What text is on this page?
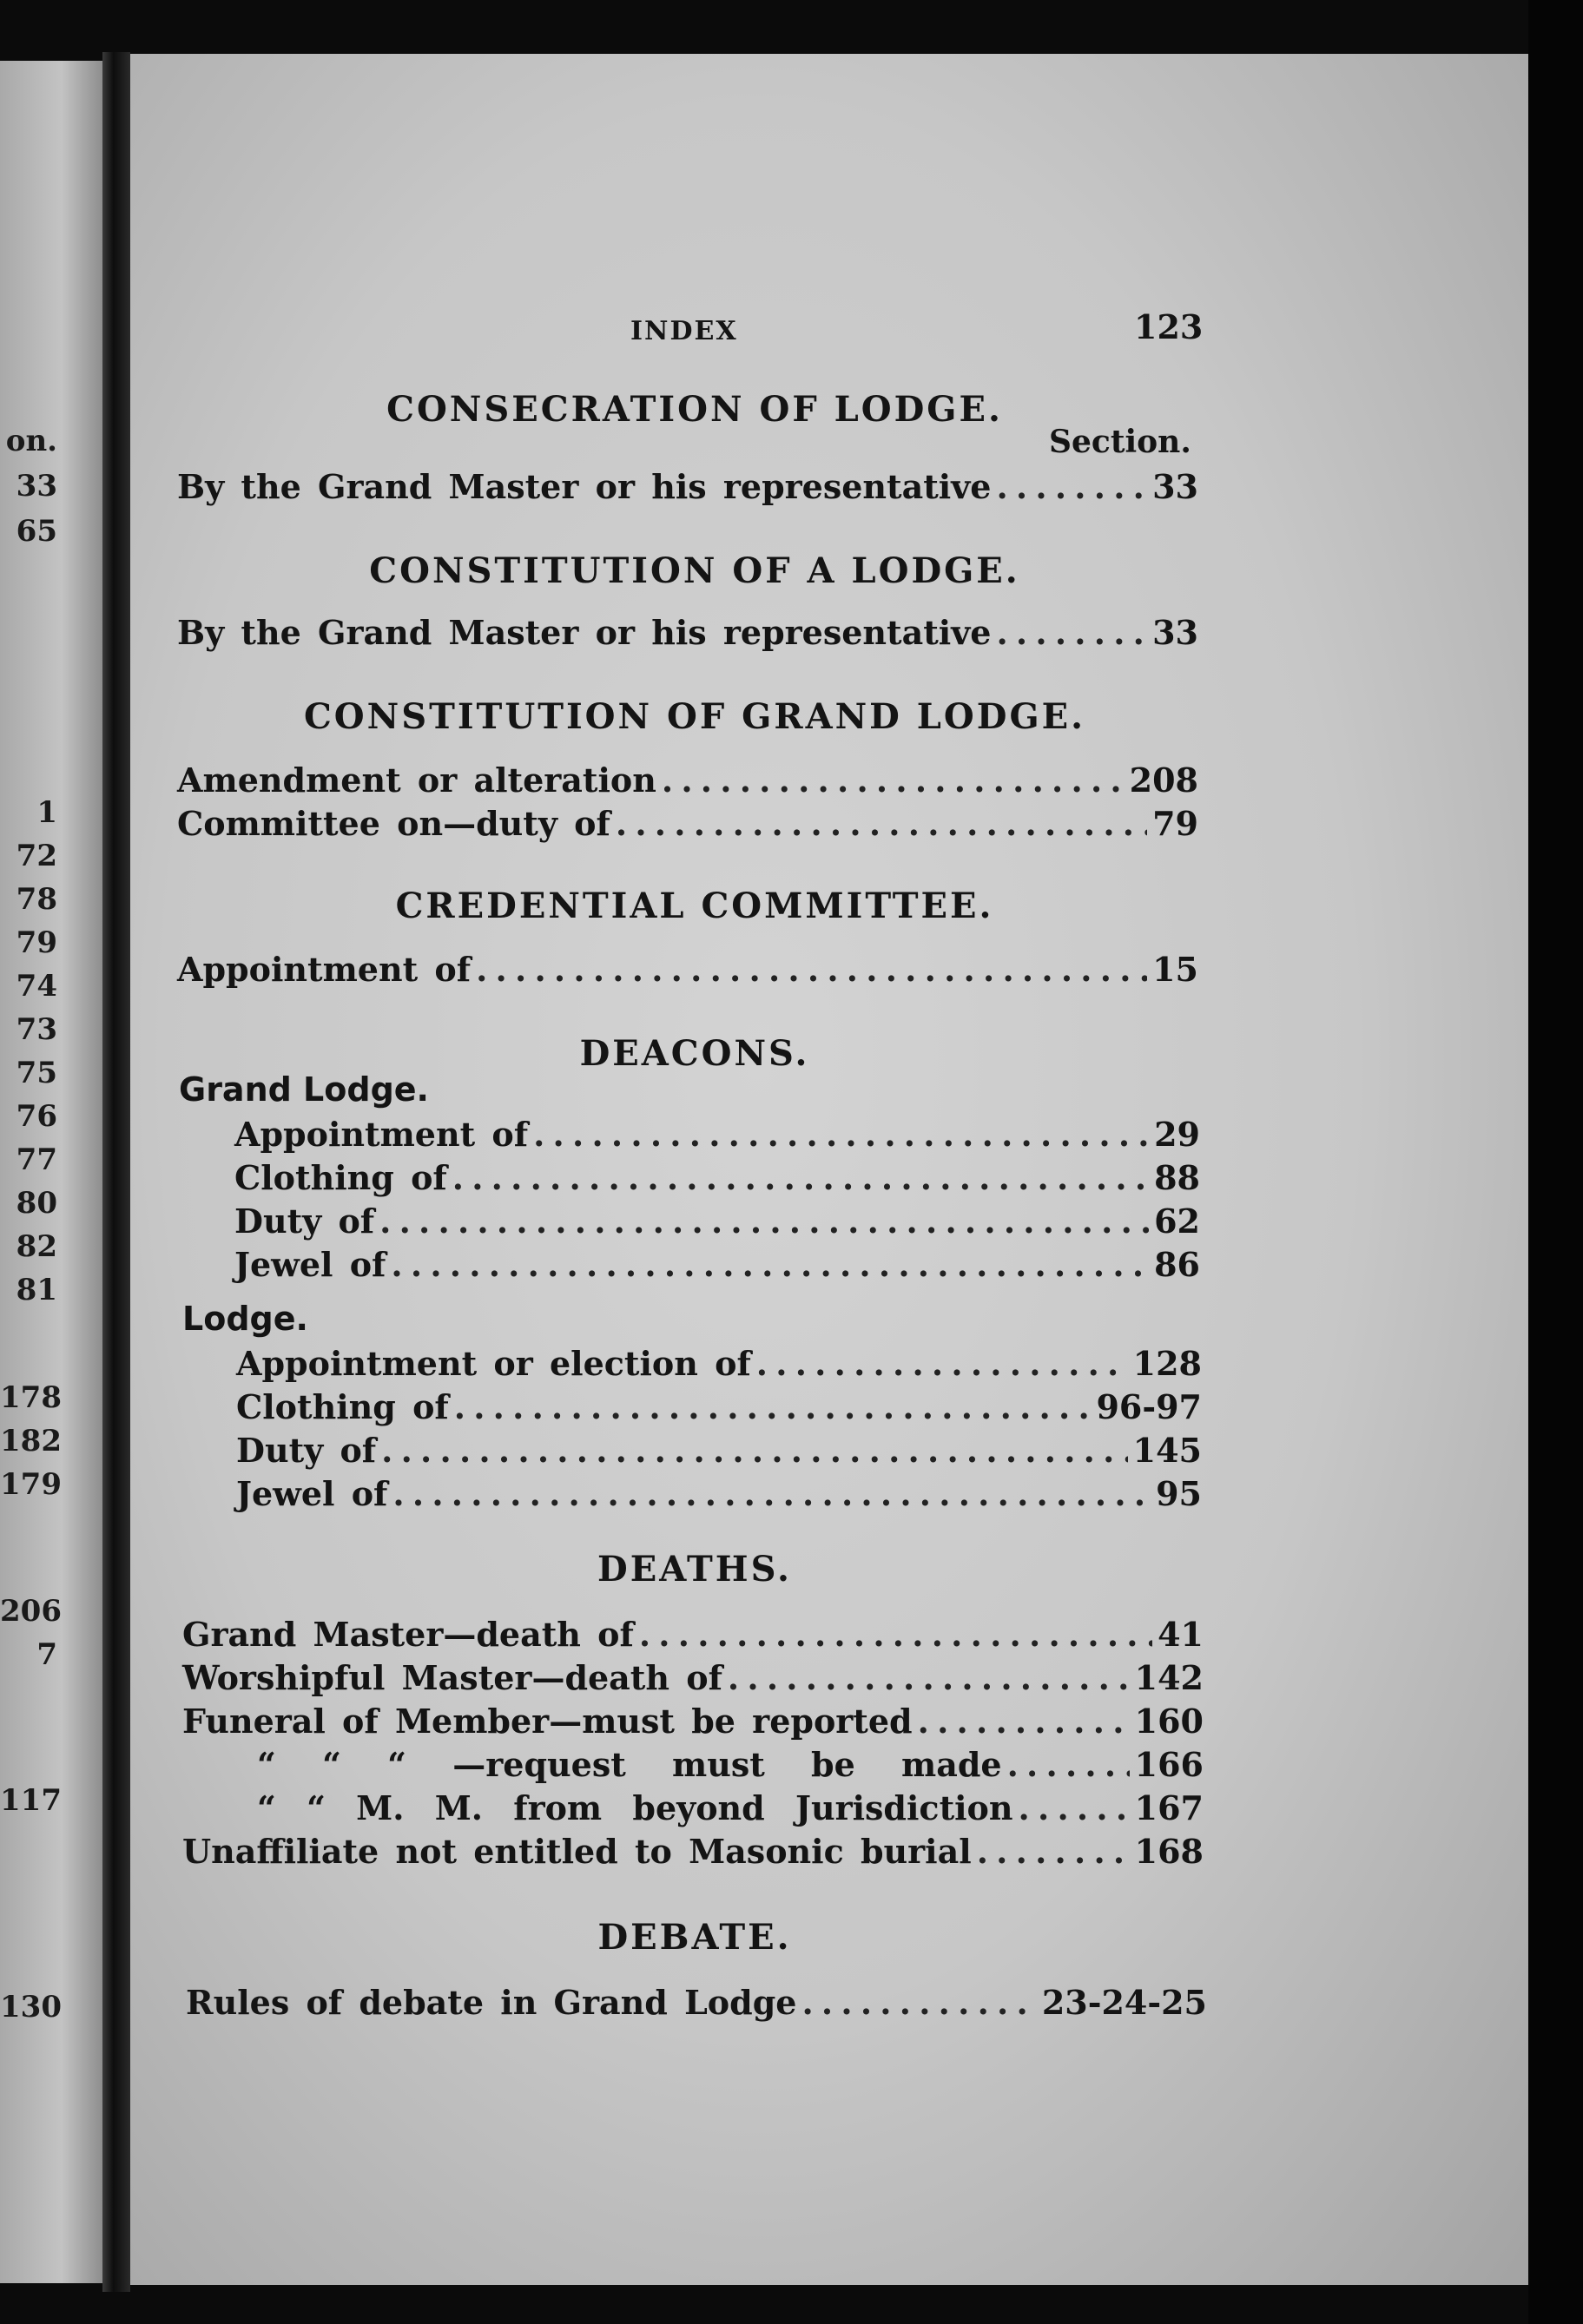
on.
33
65
1
72
78
79
74
73
75
76
77
80
82
81
178
182
179
206
7
117
130
INDEX	123
CONSECRATION OF LODGE.
Section.
By the Grand Master or his representative . . .	33
CONSTITUTION OF A LODGE.
By the Grand Master or his representative . . .	33
CONSTITUTION OF GRAND LODGE.
Amendment or alteration . . .	208
Committee on—duty of . . .	79
CREDENTIAL COMMITTEE.
Appointment of . . .	15
DEACONS.
Grand Lodge.
Appointment of . . .	29
Clothing of . . .	88
Duty of . . .	62
Jewel of . . .	86
Lodge.
Appointment or election of . . .	128
Clothing of . . .	96-97
Duty of . . .	145
Jewel of . . .	95
DEATHS.
Grand Master—death of . . .	41
Worshipful Master—death of . . .	142
Funeral of Member—must be reported . . .	160
“ “ “ —request must be made . . .	166
“ “ M. M. from beyond Jurisdiction . . .	167
Unaffiliate not entitled to Masonic burial . . .	168
DEBATE.
Rules of debate in Grand Lodge . . .	23-24-25
